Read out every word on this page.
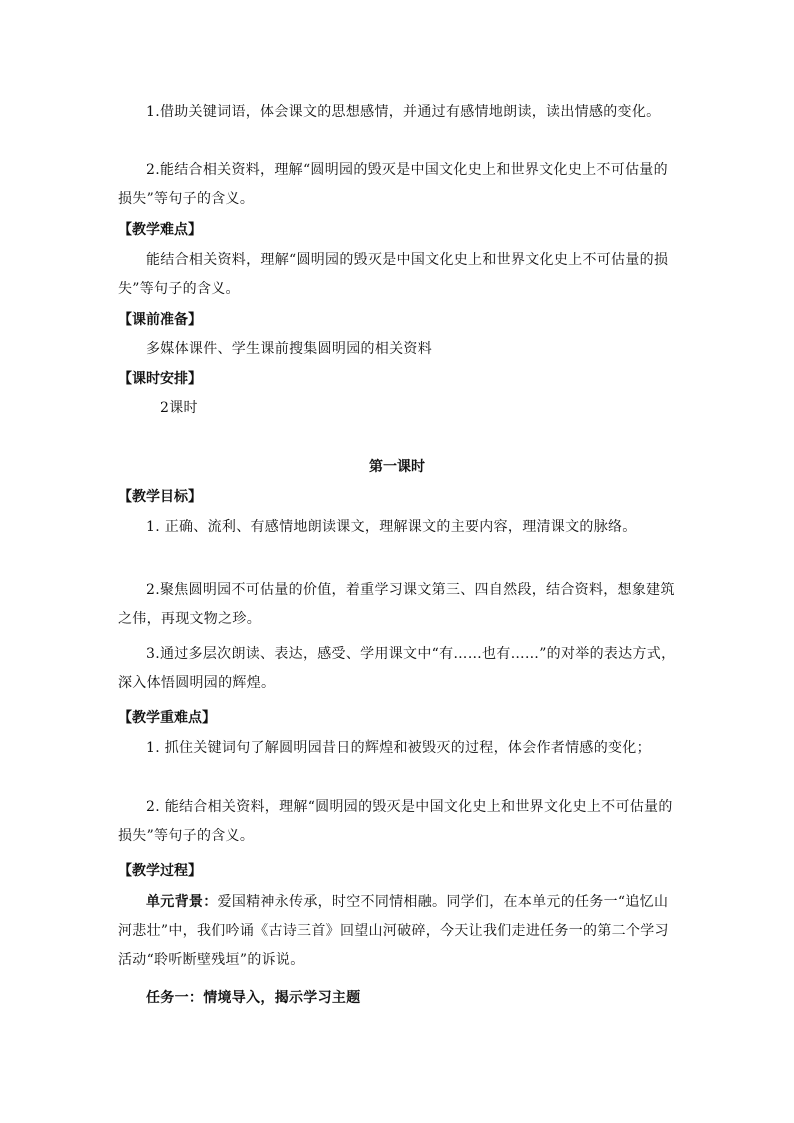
1.借助关键词语，体会课文的思想感情，并通过有感情地朗读，读出情感的变化。

2.能结合相关资料，理解“圆明园的毁灭是中国文化史上和世界文化史上不可估量的损失”等句子的含义。

【教学难点】

能结合相关资料，理解“圆明园的毁灭是中国文化史上和世界文化史上不可估量的损失”等句子的含义。

【课前准备】

多媒体课件、学生课前搜集圆明园的相关资料

【课时安排】

2课时

第一课时

【教学目标】

1. 正确、流利、有感情地朗读课文，理解课文的主要内容，理清课文的脉络。

2.聚焦圆明园不可估量的价值，着重学习课文第三、四自然段，结合资料，想象建筑之伟，再现文物之珍。

3.通过多层次朗读、表达，感受、学用课文中“有……也有……”的对举的表达方式，深入体悟圆明园的辉煌。

【教学重难点】

1. 抓住关键词句了解圆明园昔日的辉煌和被毁灭的过程，体会作者情感的变化；

2. 能结合相关资料，理解“圆明园的毁灭是中国文化史上和世界文化史上不可估量的损失”等句子的含义。

【教学过程】

单元背景：爱国精神永传承，时空不同情相融。同学们，在本单元的任务一“追忆山河悲壮”中，我们吟诵《古诗三首》回望山河破碎，今天让我们走进任务一的第二个学习活动“聆听断壁残垣”的诉说。

任务一：情境导入，揭示学习主题
